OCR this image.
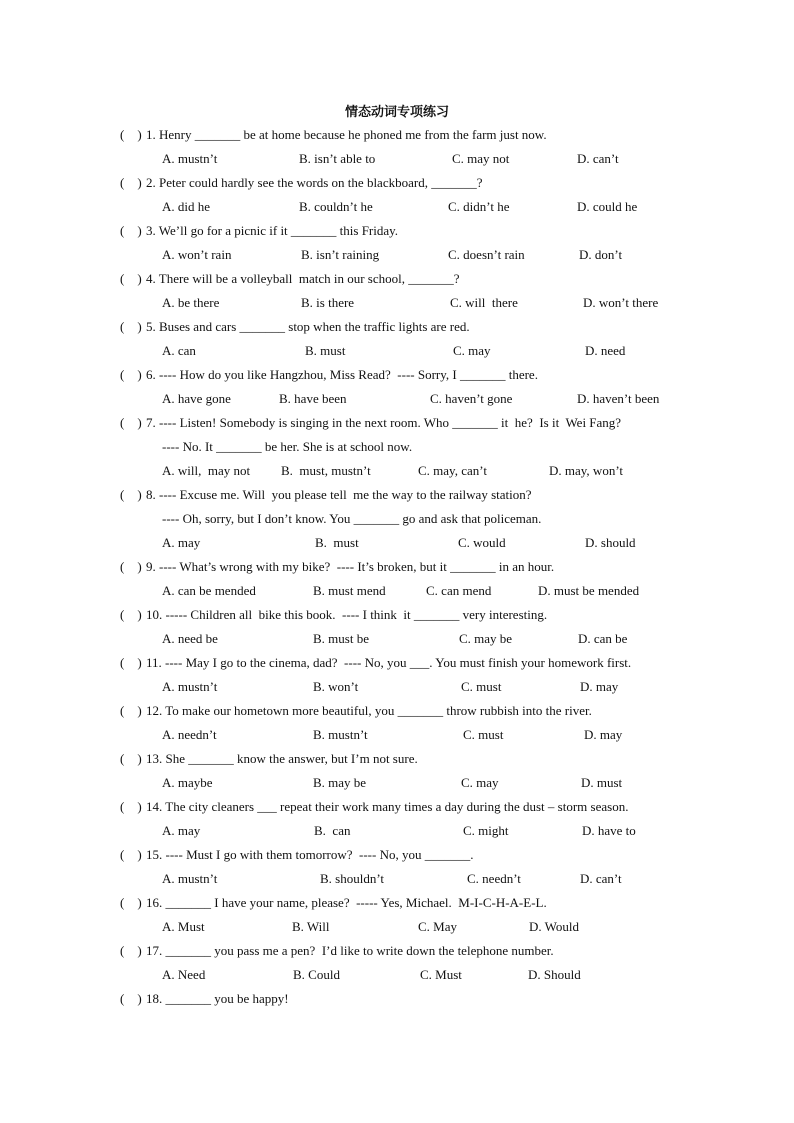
情态动词专项练习
(    ) 1. Henry _______ be at home because he phoned me from the farm just now.
A. mustn’t	B. isn’t able to	C. may not	D. can’t
(    ) 2. Peter could hardly see the words on the blackboard, _______?
A. did he	B. couldn’t he	C. didn’t he	D. could he
(    ) 3. We’ll go for a picnic if it _______ this Friday.
A. won’t rain	B. isn’t raining	C. doesn’t rain	D. don’t
(    ) 4. There will be a volleyball  match in our school, _______?
A. be there	B. is there	C. will  there	D. won’t there
(    ) 5. Buses and cars _______ stop when the traffic lights are red.
A. can	B. must	C. may	D. need
(    ) 6. ---- How do you like Hangzhou, Miss Read?  ---- Sorry, I _______ there.
A. have gone	B. have been	C. haven’t gone	D. haven’t been
(    ) 7. ---- Listen! Somebody is singing in the next room. Who _______ it  he?  Is it  Wei Fang?
---- No. It _______ be her. She is at school now.
A. will,  may not B.  must, mustn’t	C. may, can’t	D. may, won’t
(    ) 8. ---- Excuse me. Will  you please tell  me the way to the railway station?
---- Oh, sorry, but I don’t know. You _______ go and ask that policeman.
A. may	B.  must	C. would	D. should
(    ) 9. ---- What’s wrong with my bike?  ---- It’s broken, but it _______ in an hour.
A. can be mended	B. must mend	C. can mend	D. must be mended
(    ) 10. ----- Children all  bike this book.  ---- I think  it _______ very interesting.
A. need be	B. must be	C. may be	D. can be
(    ) 11. ---- May I go to the cinema, dad?  ---- No, you ___. You must finish your homework first.
A. mustn’t	B. won’t	C. must	D. may
(    ) 12. To make our hometown more beautiful, you _______ throw rubbish into the river.
A. needn’t	B. mustn’t	C. must	D. may
(    ) 13. She _______ know the answer, but I’m not sure.
A. maybe	B. may be	C. may	D. must
(    ) 14. The city cleaners ___ repeat their work many times a day during the dust – storm season.
A. may	B.  can	C. might	D. have to
(    ) 15. ---- Must I go with them tomorrow?  ---- No, you _______.
A. mustn’t	B. shouldn’t	C. needn’t	D. can’t
(    ) 16. _______ I have your name, please?  ----- Yes, Michael.  M-I-C-H-A-E-L.
A. Must	B. Will	C. May	D. Would
(    ) 17. _______ you pass me a pen?  I’d like to write down the telephone number.
A. Need	B. Could	C. Must	D. Should
(    ) 18. _______ you be happy!
